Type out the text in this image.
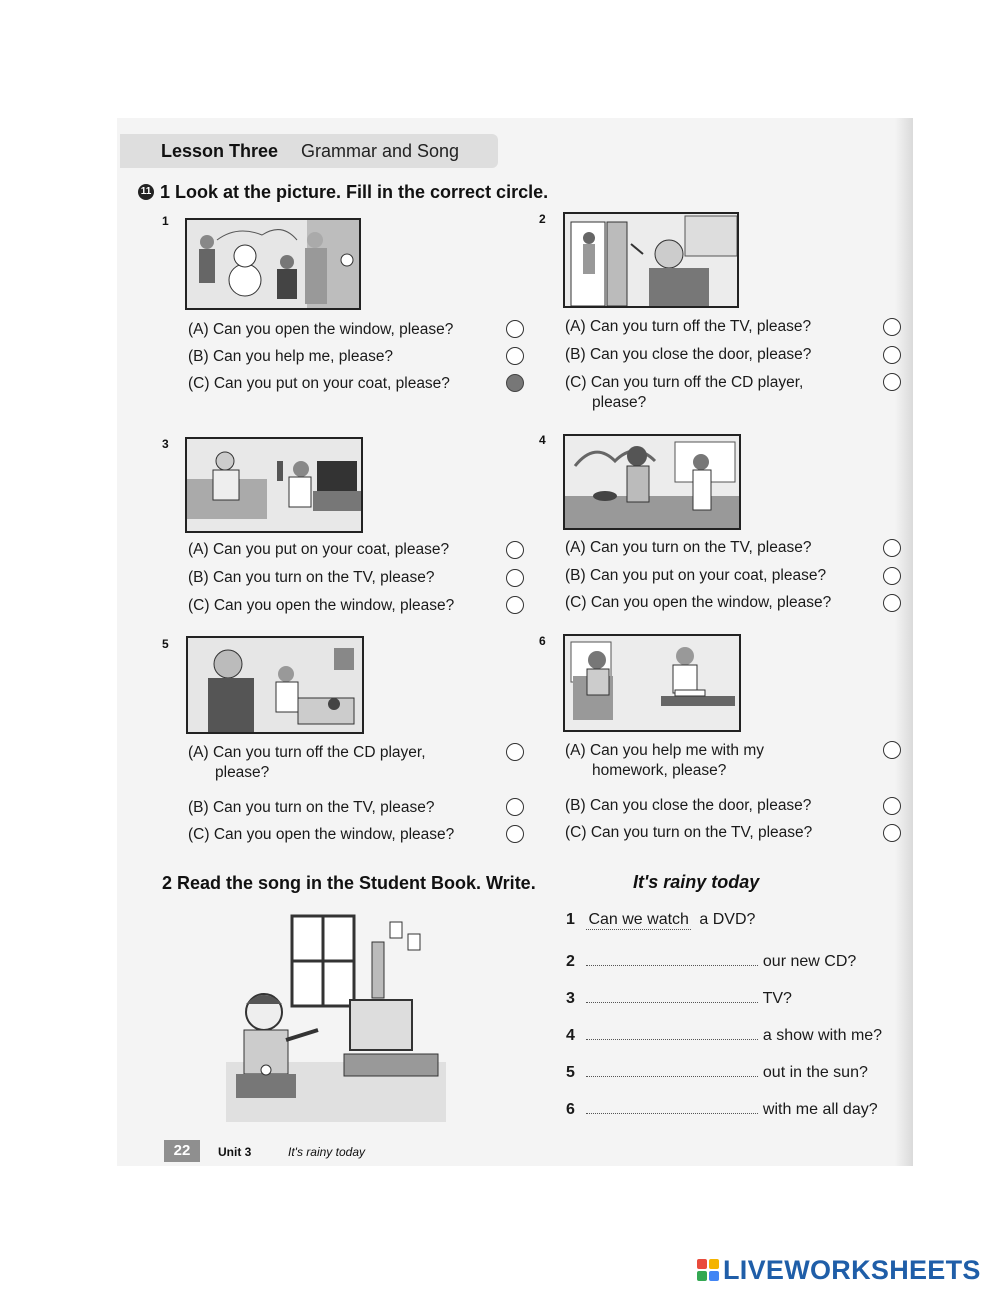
Lesson Three Grammar and Song
11 1 Look at the picture. Fill in the correct circle.
1
(A) Can you open the window, please?
(B) Can you help me, please?
(C) Can you put on your coat, please?
2
(A) Can you turn off the TV, please?
(B) Can you close the door, please?
(C) Can you turn off the CD player,
please?
3
(A) Can you put on your coat, please?
(B) Can you turn on the TV, please?
(C) Can you open the window, please?
4
(A) Can you turn on the TV, please?
(B) Can you put on your coat, please?
(C) Can you open the window, please?
5
(A) Can you turn off the CD player,
please?
(B) Can you turn on the TV, please?
(C) Can you open the window, please?
6
(A) Can you help me with my
homework, please?
(B) Can you close the door, please?
(C) Can you turn on the TV, please?
2 Read the song in the Student Book. Write.	It's rainy today
1 Can we watch a DVD?
2	our new CD?
3	TV?
4	a show with me?
5	out in the sun?
6	with me all day?
22	Unit 3	It's rainy today
LIVEWORKSHEETS
